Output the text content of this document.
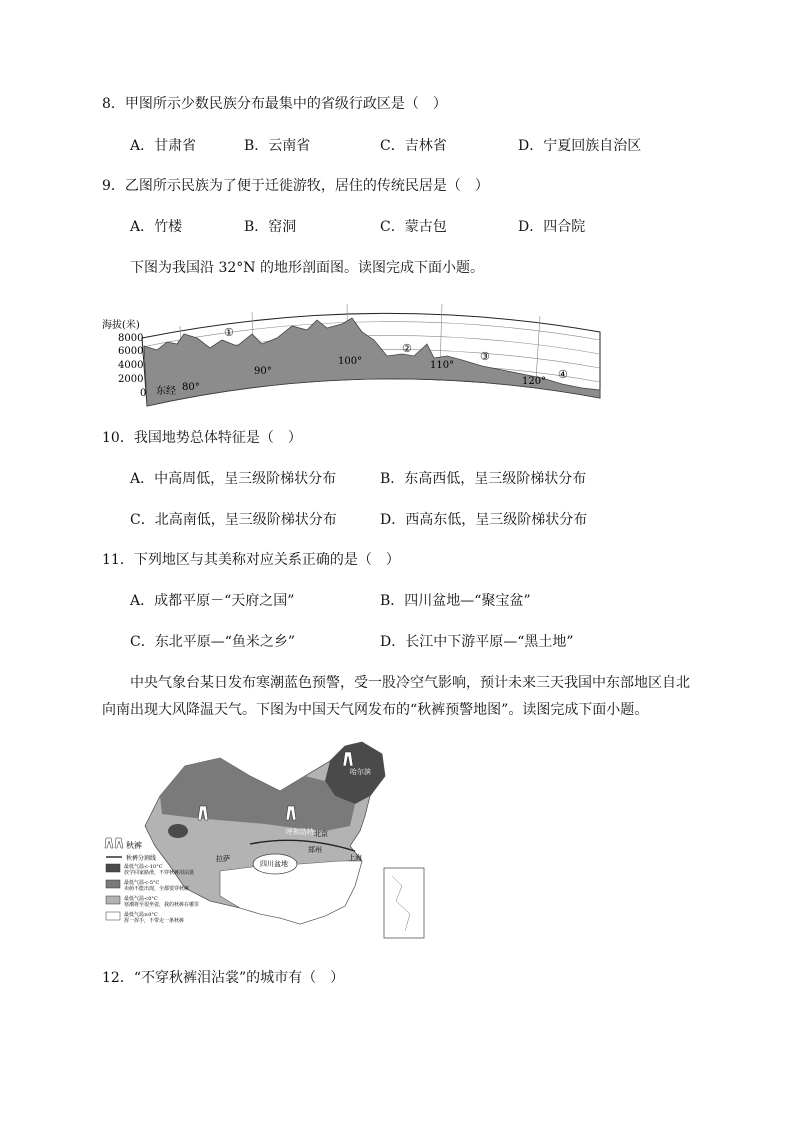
8．甲图所示少数民族分布最集中的省级行政区是（　）
A．甘肃省	B．云南省	C．吉林省	D．宁夏回族自治区
9．乙图所示民族为了便于迁徙游牧，居住的传统民居是（　）
A．竹楼	B．窑洞	C．蒙古包	D．四合院
下图为我国沿 32°N 的地形剖面图。读图完成下面小题。
海拔(米)
8000
6000
4000
2000
0 东经 80°
90°
100°	110°
120°
①
②
③
④
10．我国地势总体特征是（　）
A．中高周低，呈三级阶梯状分布	B．东高西低，呈三级阶梯状分布
C．北高南低，呈三级阶梯状分布	D．西高东低，呈三级阶梯状分布
11．下列地区与其美称对应关系正确的是（　）
A．成都平原－“天府之国”	B．四川盆地—“聚宝盆”
C．东北平原—“鱼米之乡”	D．长江中下游平原—“黑土地”
中央气象台某日发布寒潮蓝色预警，受一股冷空气影响，预计未来三天我国中东部地区自北
向南出现大风降温天气。下图为中国天气网发布的“秋裤预警地图”。读图完成下面小题。
哈尔滨
呼和浩特 北京
郑州
拉萨
四川盆地
上海
秋裤
秋裤分割线
最低气温<-10°C
放学回家路滑，不穿秋裤泪沾裳
最低气温<-5°C
卖萌不能出现，全都要穿秋裤
最低气温<0°C
寒潮将至很坐姿，我的秋裤在哪里
最低气温≥0°C
挥一挥手，不带走一条秋裤
12．“不穿秋裤泪沾裳”的城市有（　）
